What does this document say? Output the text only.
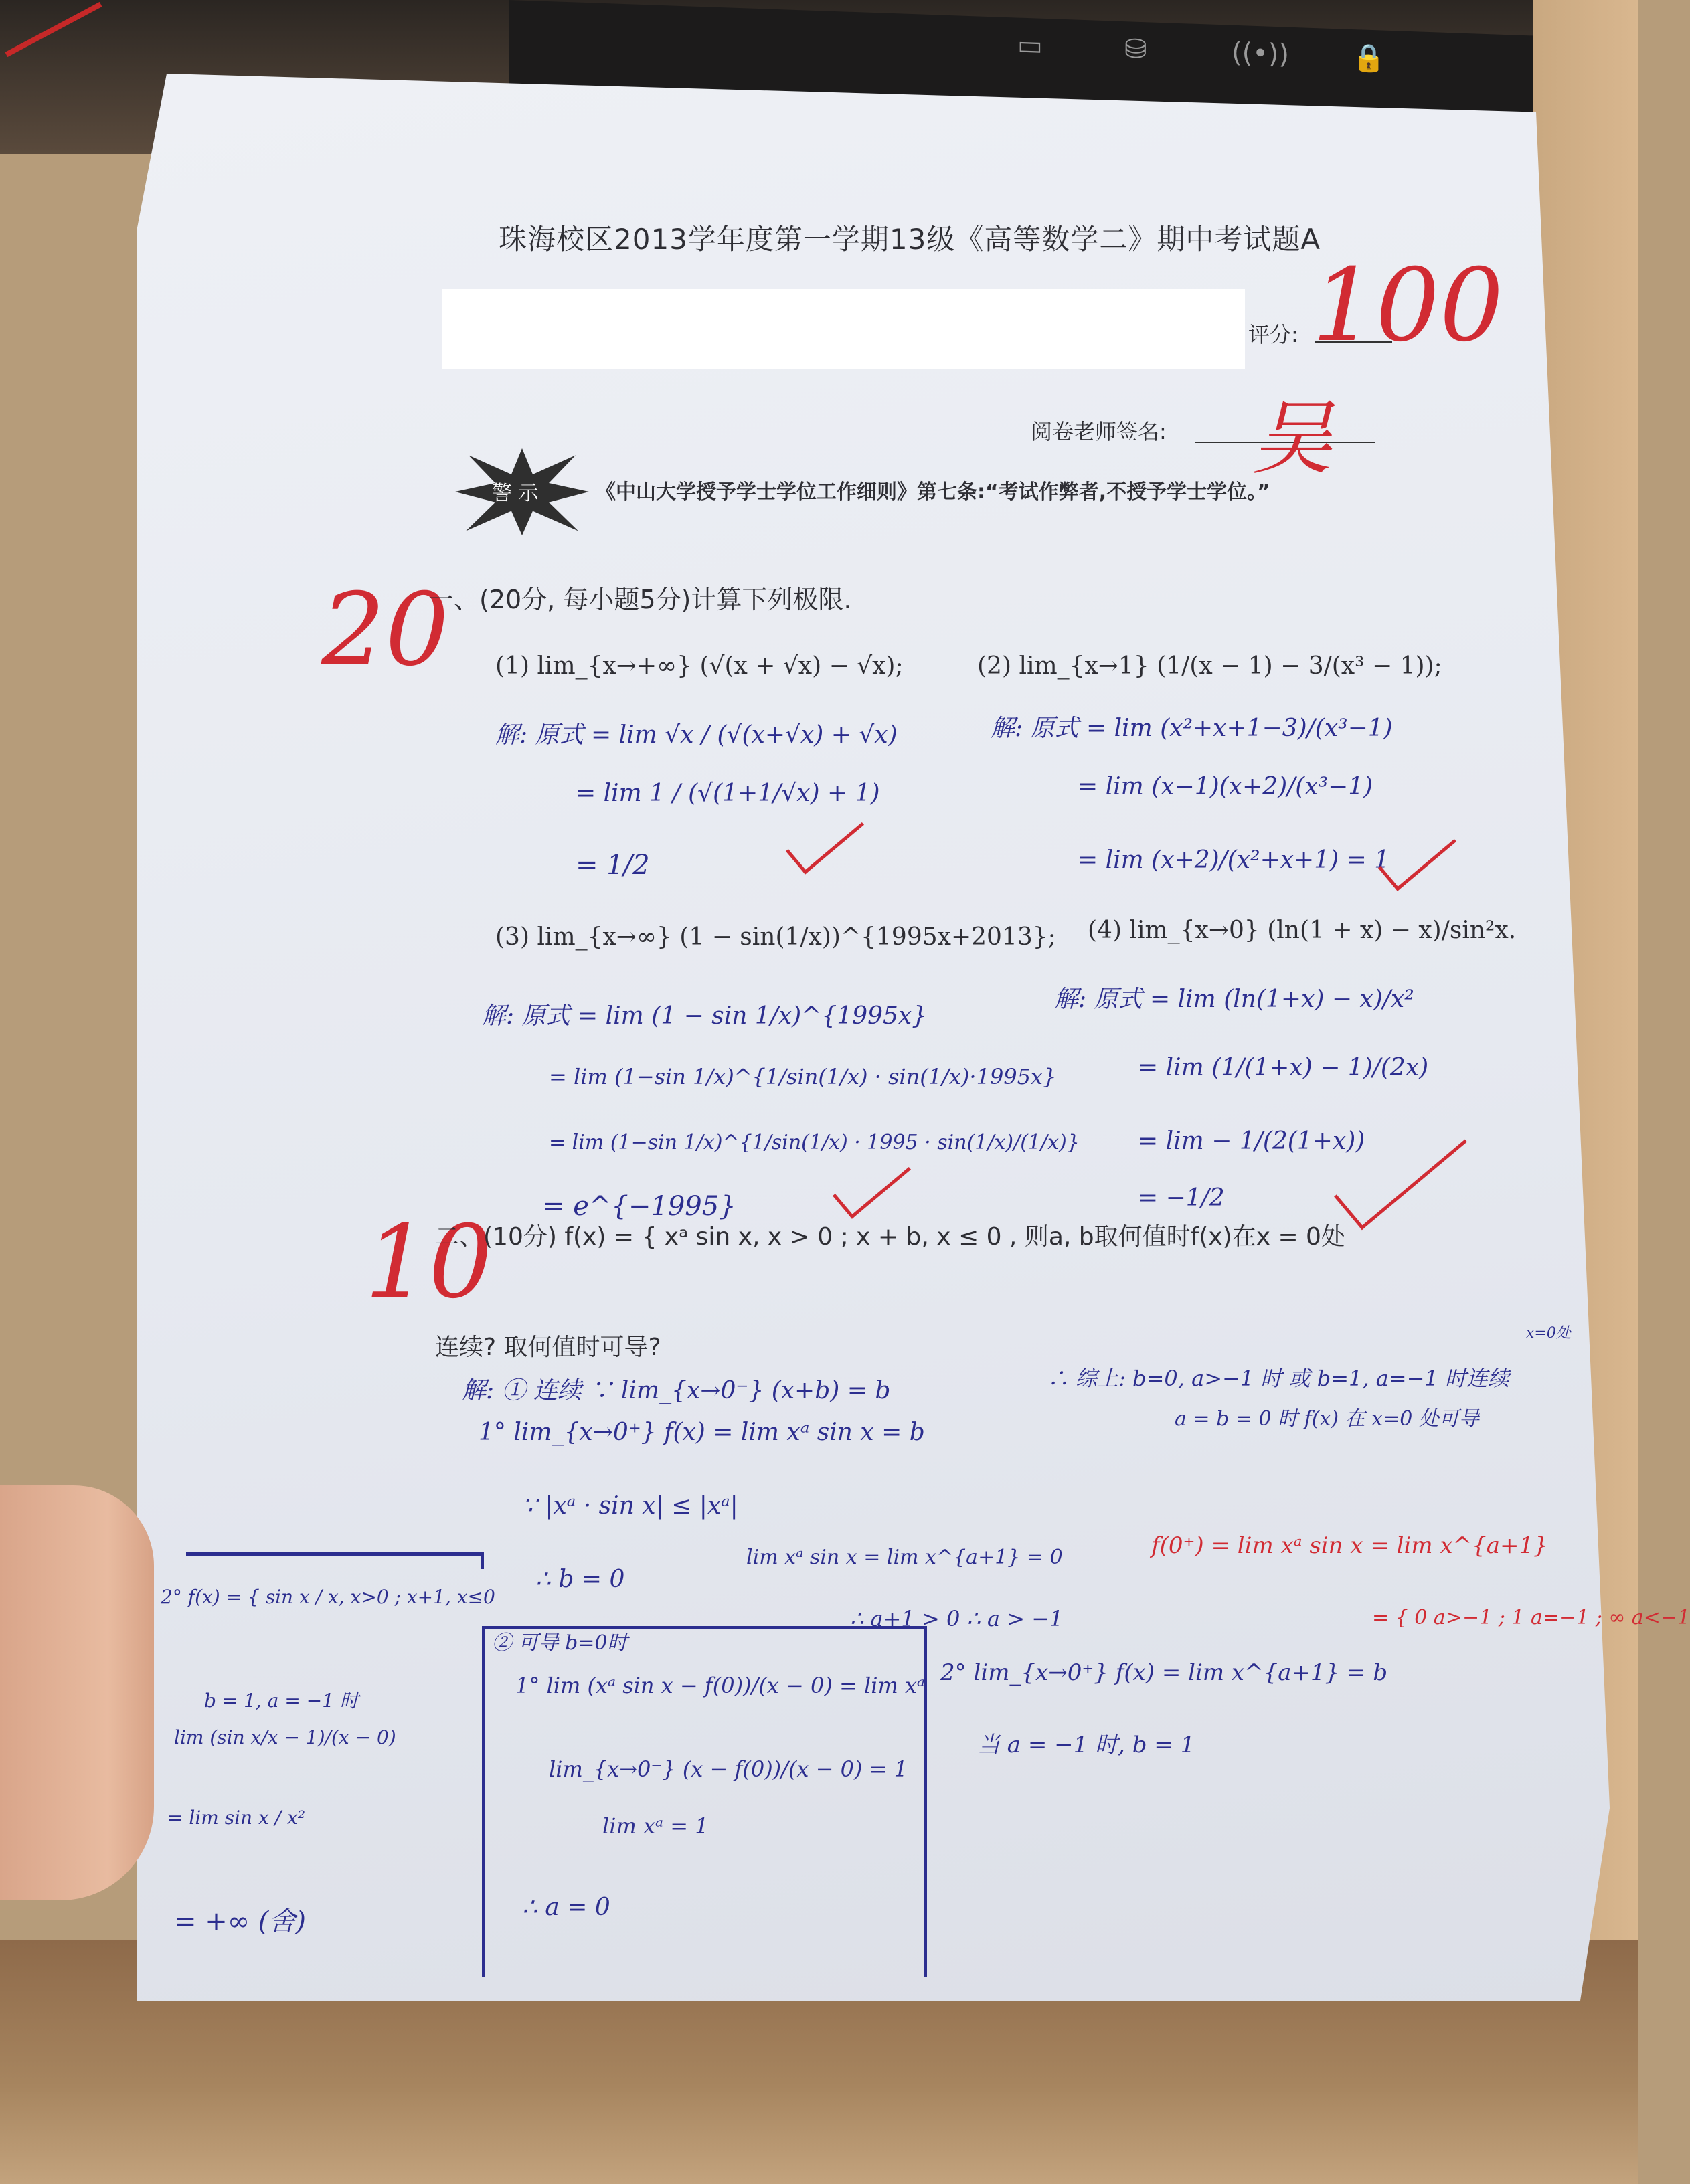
▭	⛁	((•)) 🔒
珠海校区2013学年度第一学期13级《高等数学二》期中考试题A
评分: 100
阅卷老师签名: 吴
警 示	《中山大学授予学士学位工作细则》第七条:“考试作弊者,不授予学士学位。”
20
一、(20分, 每小题5分)计算下列极限.
(1) lim_{x→+∞} (√(x + √x) − √x);	(2) lim_{x→1} (1/(x − 1) − 3/(x³ − 1));
解: 原式 = lim √x / (√(x+√x) + √x)
= lim 1 / (√(1+1/√x) + 1)
= 1/2
解: 原式 = lim (x²+x+1−3)/(x³−1)
= lim (x−1)(x+2)/(x³−1)
= lim (x+2)/(x²+x+1) = 1
(3) lim_{x→∞} (1 − sin(1/x))^{1995x+2013}; (4) lim_{x→0} (ln(1 + x) − x)/sin²x.
解: 原式 = lim (1 − sin 1/x)^{1995x}
= lim (1−sin 1/x)^{1/sin(1/x) · sin(1/x)·1995x}
= lim (1−sin 1/x)^{1/sin(1/x) · 1995 · sin(1/x)/(1/x)}
= e^{−1995}
解: 原式 = lim (ln(1+x) − x)/x²
= lim (1/(1+x) − 1)/(2x)
= lim − 1/(2(1+x))
= −1/2
10
二、(10分) f(x) = { xᵃ sin x, x > 0 ; x + b, x ≤ 0 , 则a, b取何值时f(x)在x = 0处
连续? 取何值时可导?
解: ① 连续 ∵ lim_{x→0⁻} (x+b) = b
1° lim_{x→0⁺} f(x) = lim xᵃ sin x = b
∵ |xᵃ · sin x| ≤ |xᵃ|
∴ b = 0
lim xᵃ sin x = lim x^{a+1} = 0
∴ a+1 > 0 ∴ a > −1
∴ 综上: b=0, a>−1 时 或 b=1, a=−1 时连续
a = b = 0 时 f(x) 在 x=0 处可导
x=0处
② 可导 b=0时
1° lim (xᵃ sin x − f(0))/(x − 0) = lim xᵃ
lim_{x→0⁻} (x − f(0))/(x − 0) = 1
lim xᵃ = 1
∴ a = 0
2° f(x) = { sin x / x, x>0 ; x+1, x≤0
b = 1, a = −1 时
lim (sin x/x − 1)/(x − 0)
= lim sin x / x²
= +∞ (舍)
2° lim_{x→0⁺} f(x) = lim x^{a+1} = b
当 a = −1 时, b = 1
f(0⁺) = lim xᵃ sin x = lim x^{a+1}
= { 0 a>−1 ; 1 a=−1 ; ∞ a<−1
